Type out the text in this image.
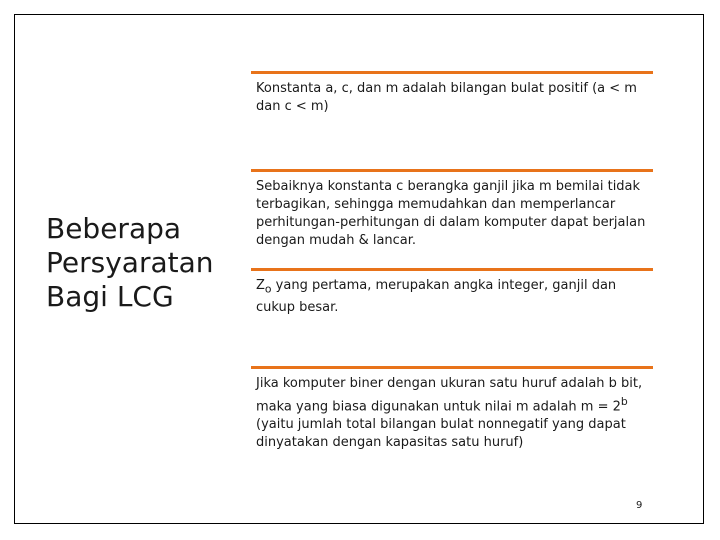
Beberapa
Persyaratan
Bagi LCG
Konstanta a, c, dan m adalah bilangan bulat positif (a < m dan c < m)
Sebaiknya konstanta c berangka ganjil jika m bemilai tidak terbagikan, sehingga memudahkan dan memperlancar perhitungan-perhitungan di dalam komputer dapat berjalan dengan mudah & lancar.
$Z_o$ yang pertama, merupakan angka integer, ganjil dan cukup besar.
Jika komputer biner dengan ukuran satu huruf adalah b bit, maka yang biasa digunakan untuk nilai m adalah $m = 2^b$ (yaitu jumlah total bilangan bulat nonnegatif yang dapat dinyatakan dengan kapasitas satu huruf)
9
